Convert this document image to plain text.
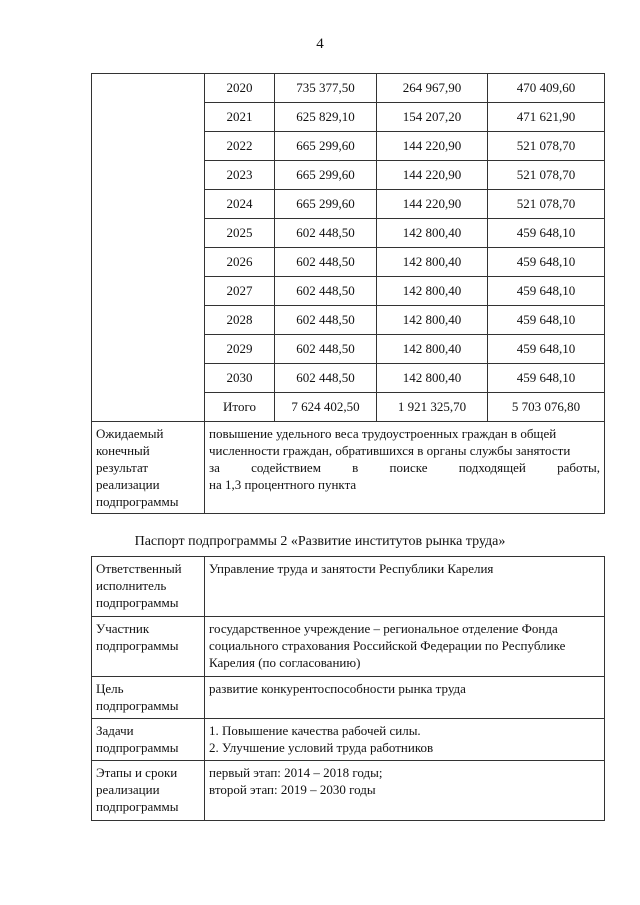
4
	2020	735 377,50	264 967,90	470 409,60
	2021	625 829,10	154 207,20	471 621,90
	2022	665 299,60	144 220,90	521 078,70
	2023	665 299,60	144 220,90	521 078,70
	2024	665 299,60	144 220,90	521 078,70
	2025	602 448,50	142 800,40	459 648,10
	2026	602 448,50	142 800,40	459 648,10
	2027	602 448,50	142 800,40	459 648,10
	2028	602 448,50	142 800,40	459 648,10
	2029	602 448,50	142 800,40	459 648,10
	2030	602 448,50	142 800,40	459 648,10
	Итого	7 624 402,50	1 921 325,70	5 703 076,80

Ожидаемый
конечный
результат
реализации
подпрограммы	повышение удельного веса трудоустроенных граждан в общей
численности граждан, обратившихся в органы службы занятости
за содействием в поиске подходящей работы,
на 1,3 процентного пункта			
Паспорт подпрограммы 2 «Развитие институтов рынка труда»
Ответственный
исполнитель
подпрограммы	Управление труда и занятости Республики Карелия

Участник
подпрограммы	государственное учреждение – региональное отделение Фонда
социального страхования Российской Федерации по Республике
Карелия (по согласованию)

Цель
подпрограммы	развитие конкурентоспособности рынка труда

Задачи
подпрограммы	1. Повышение качества рабочей силы.
2. Улучшение условий труда работников

Этапы и сроки
реализации
подпрограммы	первый этап: 2014 – 2018 годы;
второй этап: 2019 – 2030 годы
